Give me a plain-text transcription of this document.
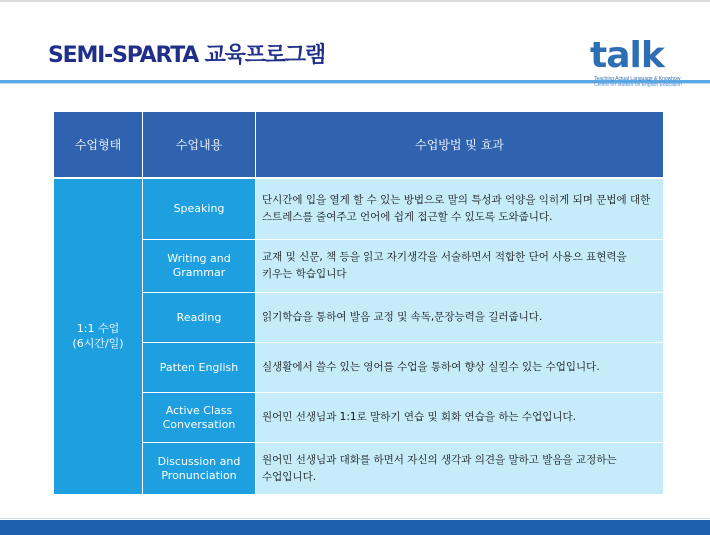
SEMI-SPARTA 교육프로그램	talk
Teaching Actual Language & Knowhow
Centre for studies on English Education
수업형태	수업내용	수업방법 및 효과

1:1 수업
(6시간/일)	Speaking	단시간에 입을 열게 할 수 있는 방법으로 말의 특성과 억양을 익히게 되며 문법에 대한 스트레스를 줄여주고 언어에 쉽게 접근할 수 있도록 도와줍니다.
	Writing and Grammar	교재 및 신문, 책 등을 읽고 자기생각을 서술하면서 적합한 단어 사용으 표현력을 키우는 학습입니다
	Reading	읽기학습을 통하여 발음 교정 및 속독,문장능력을 길러줍니다.
	Patten English	실생활에서 쓸수 있는 영어를 수업을 통하여 향상 실킬수 있는 수업입니다.
	Active Class Conversation	원어민 선생님과 1:1로 말하기 연습 및 회화 연습을 하는 수업입니다.
	Discussion and Pronunciation	원어민 선생님과 대화를 하면서 자신의 생각과 의견을 말하고 발음을 교정하는 수업입니다.
